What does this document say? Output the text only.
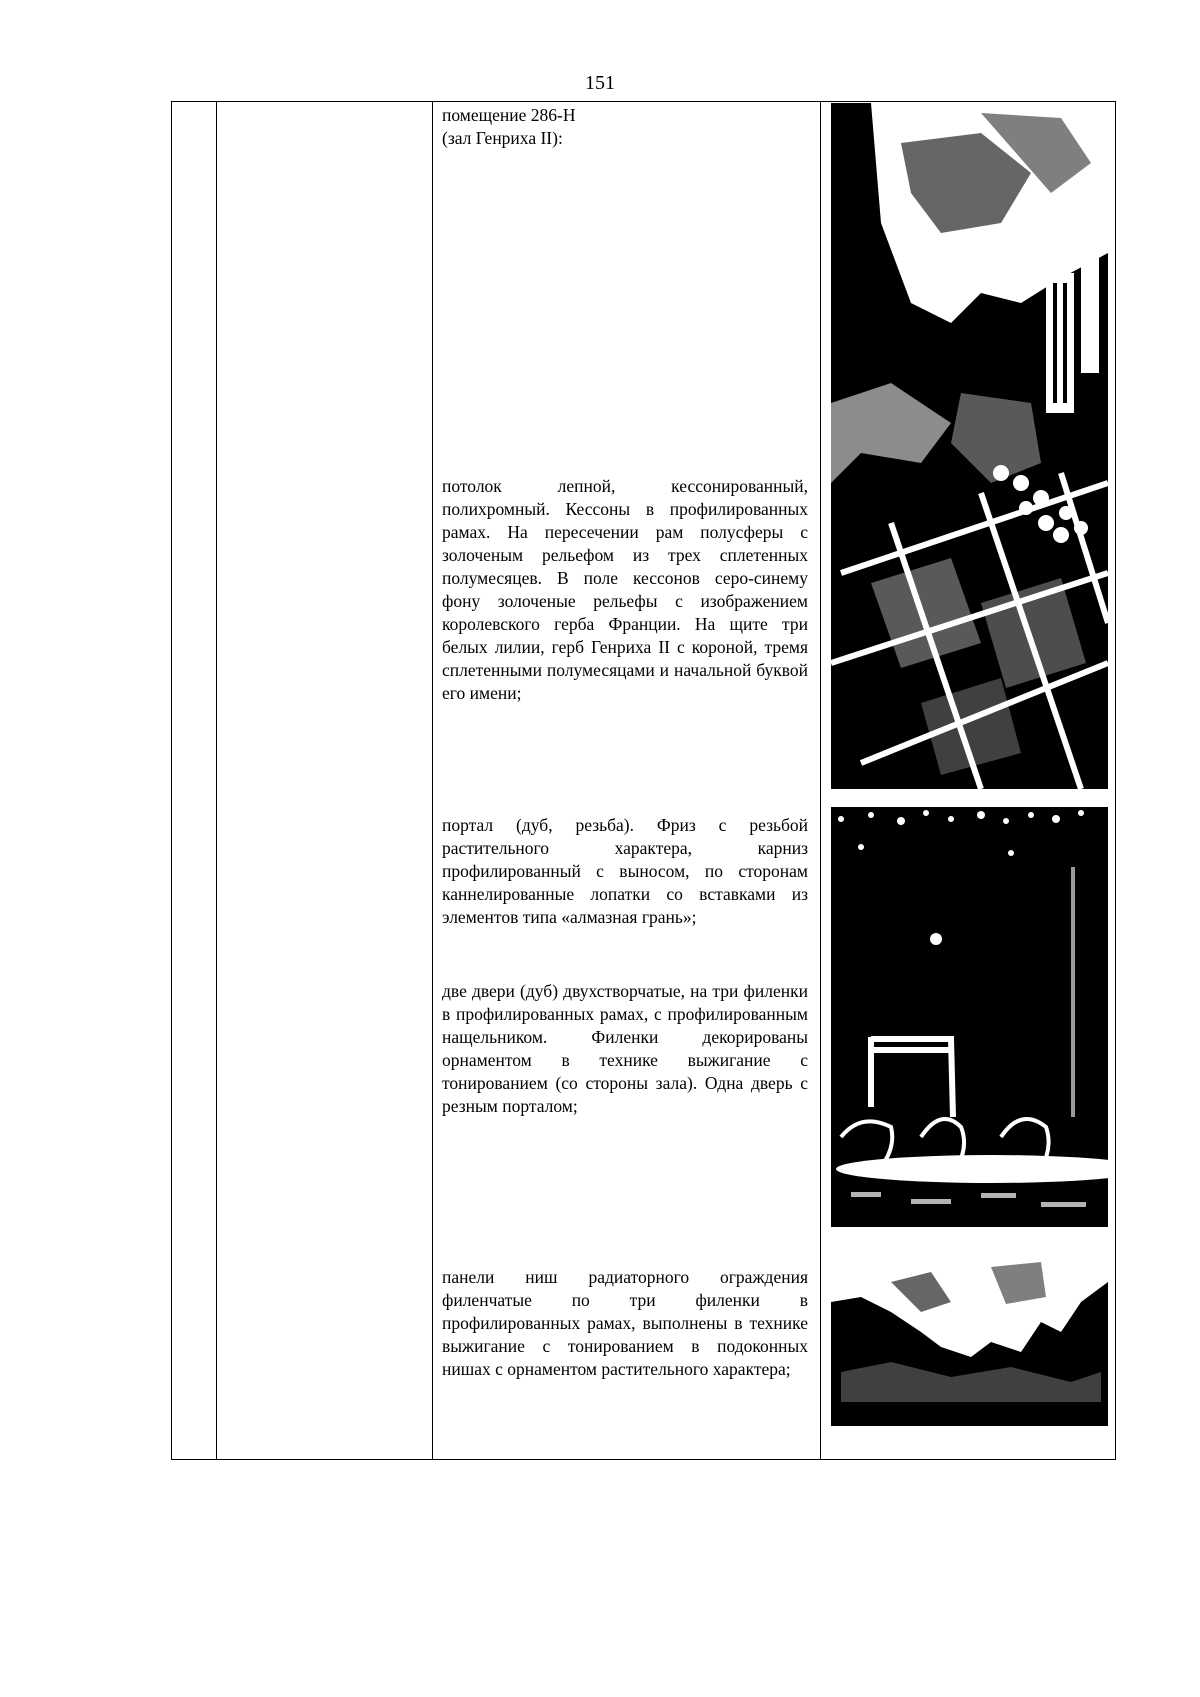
151
помещение 286-Н
(зал Генриха II):
потолок лепной, кессонированный, полихромный. Кессоны в профилированных рамах. На пересечении рам полусферы с золоченым рельефом из трех сплетенных полумесяцев. В поле кессонов серо-синему фону золоченые рельефы с изображением королевского герба Франции. На щите три белых лилии, герб Генриха II с короной, тремя сплетенными полумесяцами и начальной буквой его имени;
портал (дуб, резьба). Фриз с резьбой растительного характера, карниз профилированный с выносом, по сторонам каннелированные лопатки со вставками из элементов типа «алмазная грань»;
две двери (дуб) двухстворчатые, на три филенки в профилированных рамах, с профилированным нащельником. Филенки декорированы орнаментом в технике выжигание с тонированием (со стороны зала). Одна дверь с резным порталом;
панели ниш радиаторного ограждения филенчатые по три филенки в профилированных рамах, выполнены в технике выжигание с тонированием в подоконных нишах с орнаментом растительного характера;
